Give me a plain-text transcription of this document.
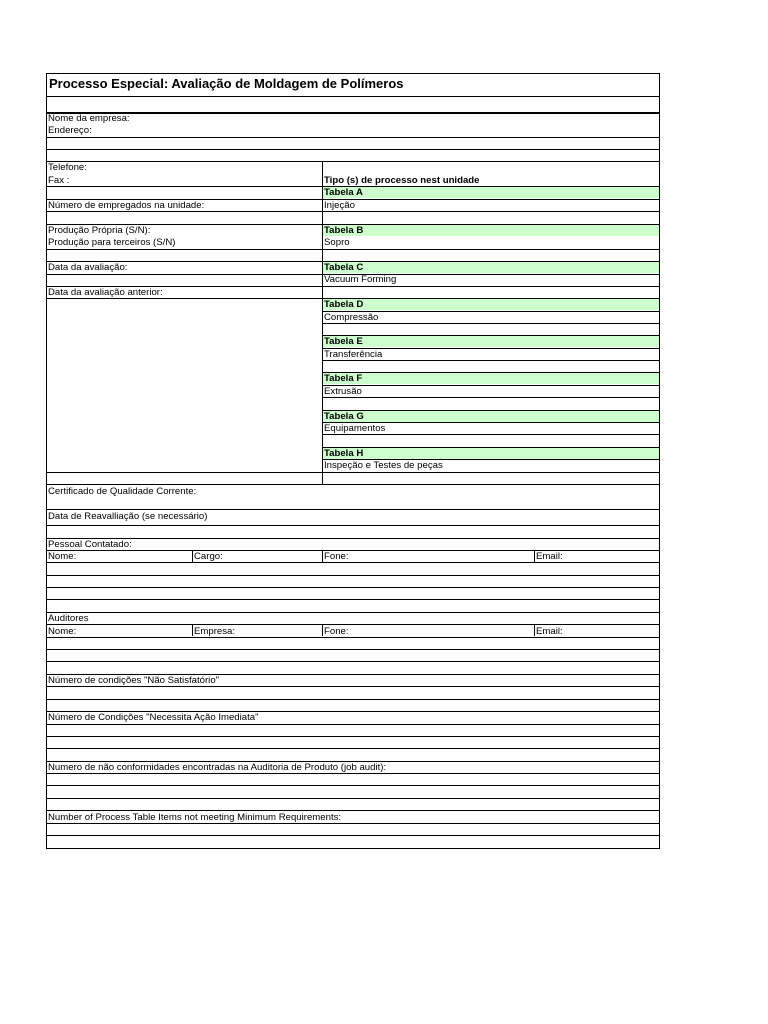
Processo Especial: Avaliação de Moldagem de Polímeros
Nome da empresa:
Endereço:
Telefone:
Fax :
Número de empregados na unidade:
Produção Própria (S/N):
Produção para terceiros (S/N)
Data da avaliação:
Data da avaliação anterior:
Tipo (s) de processo nest unidade
Tabela A
Injeção
Tabela B
Sopro
Tabela C
Vacuum Forming
Tabela D
Compressão
Tabela E
Transferência
Tabela F
Extrusão
Tabela G
Equipamentos
Tabela H
Inspeção e Testes de peças
Certificado de Qualidade Corrente:
Data de Reavalliação (se necessário)
Pessoal Contatado:
Nome:	Cargo:	Fone:	Email:
Auditores
Nome:	Empresa:	Fone:	Email:
Número de condições "Não Satisfatório"
Número de Condições "Necessita Ação Imediata"
Numero de não conformidades encontradas na Auditoria de Produto (job audit):
Number of Process Table Items not meeting Minimum Requirements:
